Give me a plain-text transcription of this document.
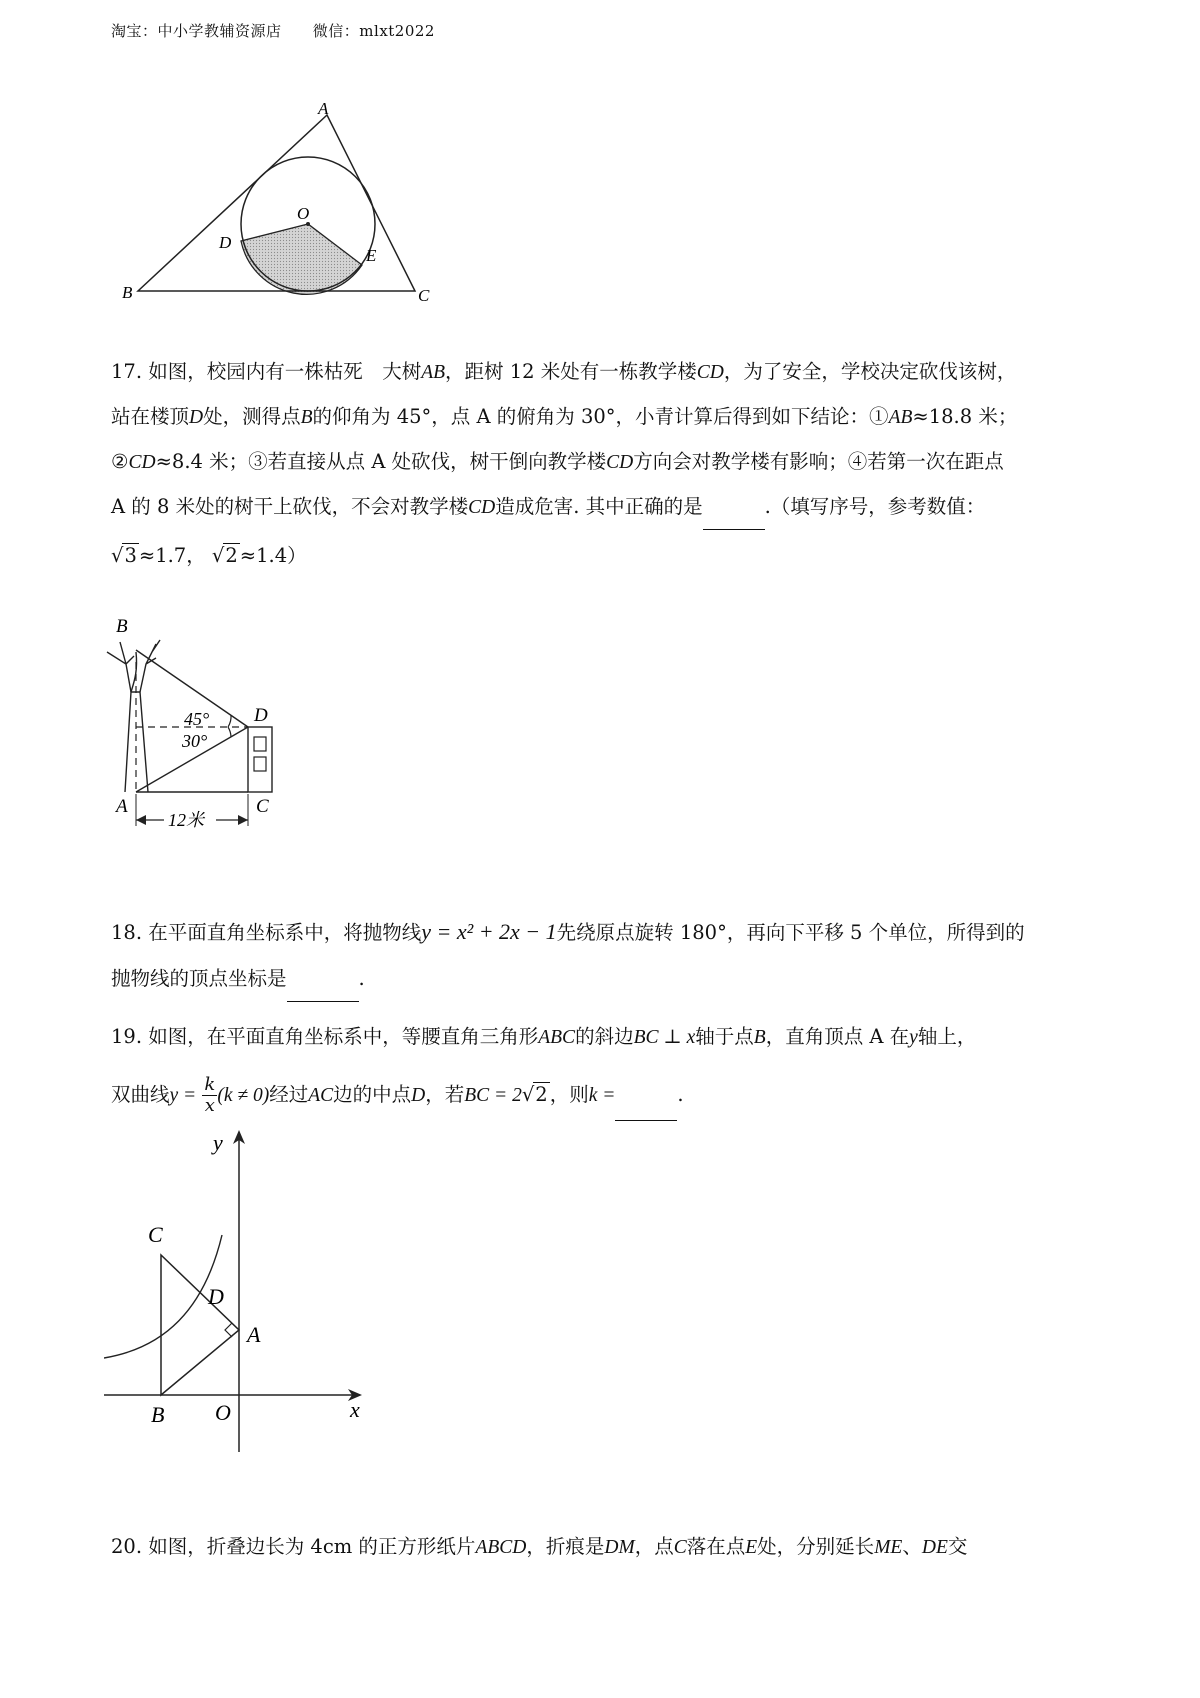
淘宝：中小学教辅资源店 微信：mlxt2022
A
O
D
E
B	C

17. 如图，校园内有一株枯死　大树AB，距树 12 米处有一栋教学楼CD，为了安全，学校决定砍伐该树，

站在楼顶D处，测得点B的仰角为 45°，点 A 的俯角为 30°，小青计算后得到如下结论：①AB≈18.8 米；

②CD≈8.4 米；③若直接从点 A 处砍伐，树干倒向教学楼CD方向会对教学楼有影响；④若第一次在距点

A 的 8 米处的树干上砍伐，不会对教学楼CD造成危害. 其中正确的是	.（填写序号，参考数值：

√3 ≈1.7， √2 ≈1.4）

B
D
45°
30°
A	C
12米

18. 在平面直角坐标系中，将抛物线y = x² + 2x − 1先绕原点旋转 180°，再向下平移 5 个单位，所得到的

抛物线的顶点坐标是	.

19. 如图，在平面直角坐标系中，等腰直角三角形ABC的斜边BC ⊥ x轴于点B，直角顶点 A 在y轴上，

双曲线$y = \frac{k}{x} (k \ne 0)$经过AC边的中点D，若BC = 2√2 ，则k =	.

y
C
D
A
B O	x

20. 如图，折叠边长为 4cm 的正方形纸片ABCD，折痕是DM，点C落在点E处，分别延长ME、DE交
